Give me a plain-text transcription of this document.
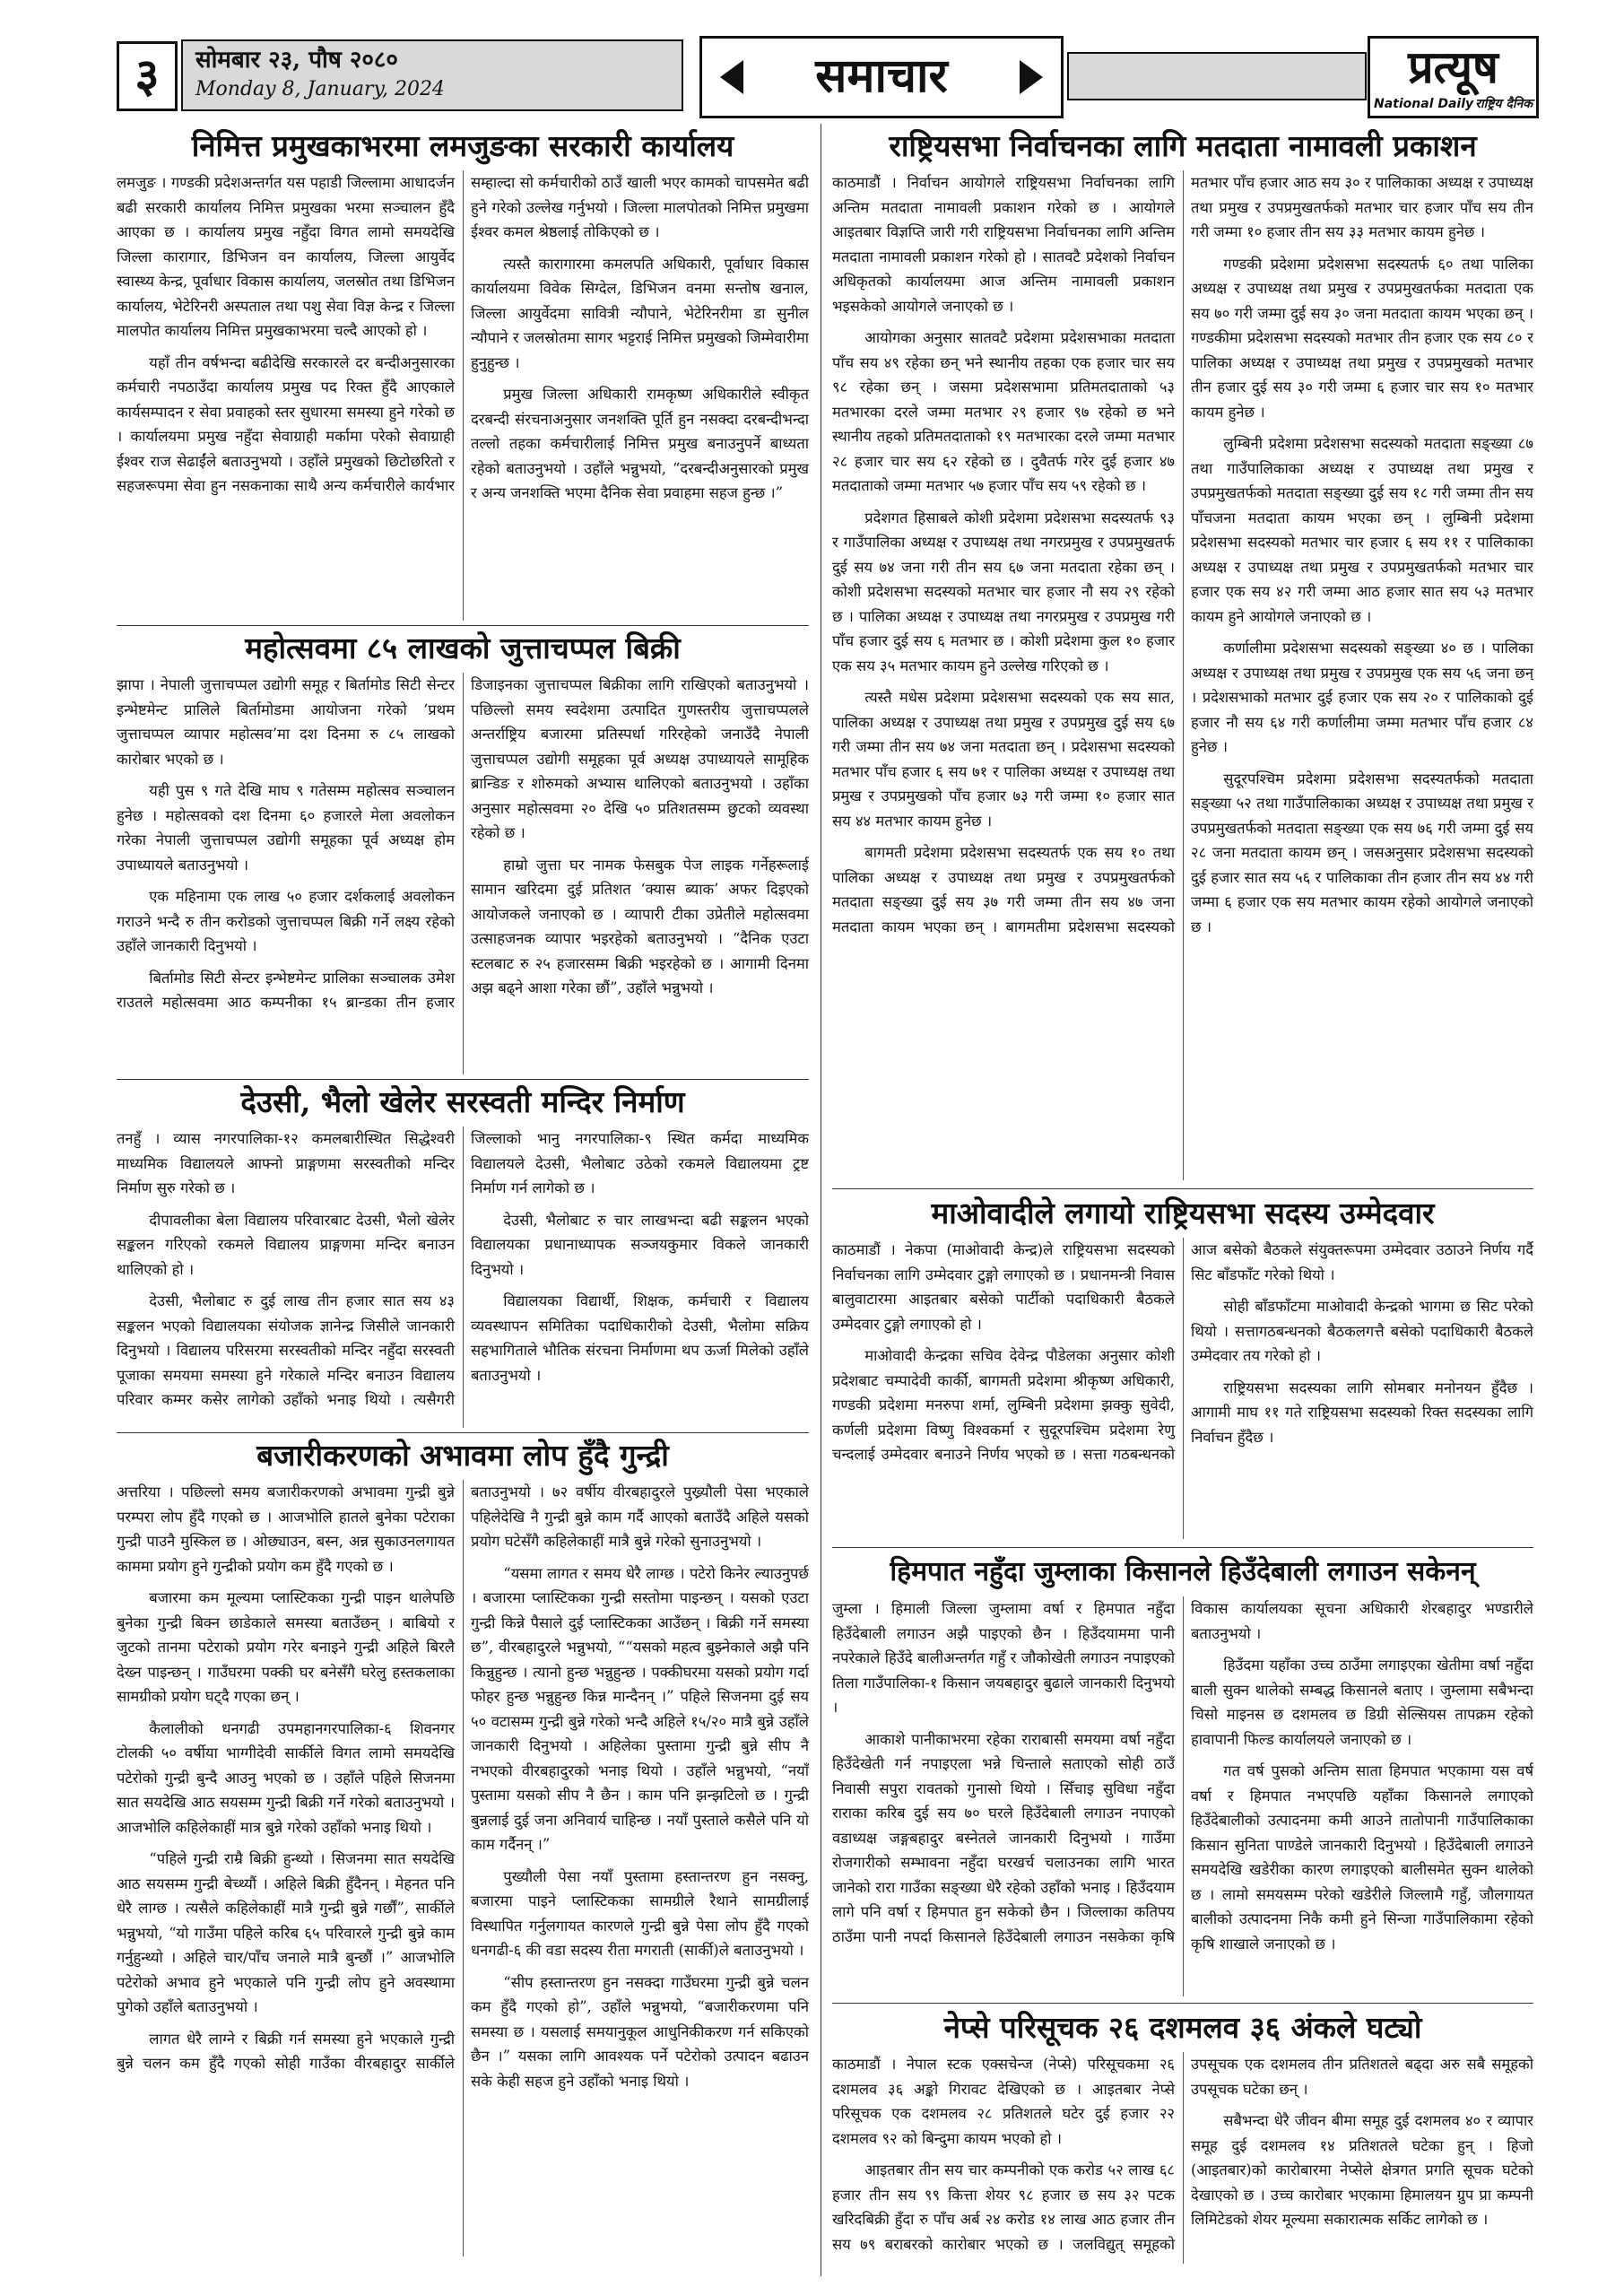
३	सोमबार २३, पौष २०८०
Monday 8, January, 2024	समाचार	प्रत्यूष
National Daily राष्ट्रिय दैनिक
निमित्त प्रमुखकाभरमा लमजुङका सरकारी कार्यालय

लमजुङ । गण्डकी प्रदेशअन्तर्गत यस पहाडी जिल्लामा आधादर्जन बढी सरकारी कार्यालय निमित्त प्रमुखका भरमा सञ्चालन हुँदै आएका छ । कार्यालय प्रमुख नहुँदा विगत लामो समयदेखि जिल्ला कारागार, डिभिजन वन कार्यालय, जिल्ला आयुर्वेद स्वास्थ्य केन्द्र, पूर्वाधार विकास कार्यालय, जलस्रोत तथा डिभिजन कार्यालय, भेटेरिनरी अस्पताल तथा पशु सेवा विज्ञ केन्द्र र जिल्ला मालपोत कार्यालय निमित्त प्रमुखकाभरमा चल्दै आएको हो ।

यहाँ तीन वर्षभन्दा बढीदेखि सरकारले दर बन्दीअनुसारका कर्मचारी नपठाउँदा कार्यालय प्रमुख पद रिक्त हुँदै आएकाले कार्यसम्पादन र सेवा प्रवाहको स्तर सुधारमा समस्या हुने गरेको छ । कार्यालयमा प्रमुख नहुँदा सेवाग्राही मर्कामा परेको सेवाग्राही ईश्वर राज सेढाईंले बताउनुभयो । उहाँले प्रमुखको छिटोछरितो र सहजरूपमा सेवा हुन नसकनाका साथै अन्य कर्मचारीले कार्यभार सम्हाल्दा सो कर्मचारीको ठाउँ खाली भएर कामको चापसमेत बढी हुने गरेको उल्लेख गर्नुभयो । जिल्ला मालपोतको निमित्त प्रमुखमा ईश्वर कमल श्रेष्ठलाई तोकिएको छ ।

त्यस्तै कारागारमा कमलपति अधिकारी, पूर्वाधार विकास कार्यालयमा विवेक सिग्देल, डिभिजन वनमा सन्तोष खनाल, जिल्ला आयुर्वेदमा सावित्री न्यौपाने, भेटेरिनरीमा डा सुनील न्यौपाने र जलस्रोतमा सागर भट्टराई निमित्त प्रमुखको जिम्मेवारीमा हुनुहुन्छ ।

प्रमुख जिल्ला अधिकारी रामकृष्ण अधिकारीले स्वीकृत दरबन्दी संरचनाअनुसार जनशक्ति पूर्ति हुन नसक्दा दरबन्दीभन्दा तल्लो तहका कर्मचारीलाई निमित्त प्रमुख बनाउनुपर्ने बाध्यता रहेको बताउनुभयो । उहाँले भन्नुभयो, “दरबन्दीअनुसारको प्रमुख र अन्य जनशक्ति भएमा दैनिक सेवा प्रवाहमा सहज हुन्छ ।”

महोत्सवमा ८५ लाखको जुत्ताचप्पल बिक्री

झापा । नेपाली जुत्ताचप्पल उद्योगी समूह र बिर्तामोड सिटी सेन्टर इन्भेष्टमेन्ट प्रालिले बिर्तामोडमा आयोजना गरेको ‘प्रथम जुत्ताचप्पल व्यापार महोत्सव’मा दश दिनमा रु ८५ लाखको कारोबार भएको छ ।

यही पुस ९ गते देखि माघ ९ गतेसम्म महोत्सव सञ्चालन हुनेछ । महोत्सवको दश दिनमा ६० हजारले मेला अवलोकन गरेका नेपाली जुत्ताचप्पल उद्योगी समूहका पूर्व अध्यक्ष होम उपाध्यायले बताउनुभयो ।

एक महिनामा एक लाख ५० हजार दर्शकलाई अवलोकन गराउने भन्दै रु तीन करोडको जुत्ताचप्पल बिक्री गर्ने लक्ष्य रहेको उहाँले जानकारी दिनुभयो ।

बिर्तामोड सिटी सेन्टर इन्भेष्टमेन्ट प्रालिका सञ्चालक उमेश राउतले महोत्सवमा आठ कम्पनीका १५ ब्रान्डका तीन हजार डिजाइनका जुत्ताचप्पल बिक्रीका लागि राखिएको बताउनुभयो । पछिल्लो समय स्वदेशमा उत्पादित गुणस्तरीय जुत्ताचप्पलले अन्तर्राष्ट्रिय बजारमा प्रतिस्पर्धा गरिरहेको जनाउँदै नेपाली जुत्ताचप्पल उद्योगी समूहका पूर्व अध्यक्ष उपाध्यायले सामूहिक ब्रान्डिङ र शोरुमको अभ्यास थालिएको बताउनुभयो । उहाँका अनुसार महोत्सवमा २० देखि ५० प्रतिशतसम्म छुटको व्यवस्था रहेको छ ।

हाम्रो जुत्ता घर नामक फेसबुक पेज लाइक गर्नेहरूलाई सामान खरिदमा दुई प्रतिशत ‘क्यास ब्याक’ अफर दिइएको आयोजकले जनाएको छ । व्यापारी टीका उप्रेतीले महोत्सवमा उत्साहजनक व्यापार भइरहेको बताउनुभयो । “दैनिक एउटा स्टलबाट रु २५ हजारसम्म बिक्री भइरहेको छ । आगामी दिनमा अझ बढ्ने आशा गरेका छौं”, उहाँले भन्नुभयो ।

देउसी, भैलो खेलेर सरस्वती मन्दिर निर्माण

तनहुँ । व्यास नगरपालिका-१२ कमलबारीस्थित सिद्धेश्वरी माध्यमिक विद्यालयले आफ्नो प्राङ्गणमा सरस्वतीको मन्दिर निर्माण सुरु गरेको छ ।

दीपावलीका बेला विद्यालय परिवारबाट देउसी, भैलो खेलेर सङ्कलन गरिएको रकमले विद्यालय प्राङ्गणमा मन्दिर बनाउन थालिएको हो ।

देउसी, भैलोबाट रु दुई लाख तीन हजार सात सय ४३ सङ्कलन भएको विद्यालयका संयोजक ज्ञानेन्द्र जिसीले जानकारी दिनुभयो । विद्यालय परिसरमा सरस्वतीको मन्दिर नहुँदा सरस्वती पूजाका समयमा समस्या हुने गरेकाले मन्दिर बनाउन विद्यालय परिवार कम्मर कसेर लागेको उहाँको भनाइ थियो । त्यसैगरी जिल्लाको भानु नगरपालिका-९ स्थित कर्मदा माध्यमिक विद्यालयले देउसी, भैलोबाट उठेको रकमले विद्यालयमा ट्रष्ट निर्माण गर्न लागेको छ ।

देउसी, भैलोबाट रु चार लाखभन्दा बढी सङ्कलन भएको विद्यालयका प्रधानाध्यापक सञ्जयकुमार विकले जानकारी दिनुभयो ।

विद्यालयका विद्यार्थी, शिक्षक, कर्मचारी र विद्यालय व्यवस्थापन समितिका पदाधिकारीको देउसी, भैलोमा सक्रिय सहभागिताले भौतिक संरचना निर्माणमा थप ऊर्जा मिलेको उहाँले बताउनुभयो ।

बजारीकरणको अभावमा लोप हुँदै गुन्द्री

अत्तरिया । पछिल्लो समय बजारीकरणको अभावमा गुन्द्री बुन्ने परम्परा लोप हुँदै गएको छ । आजभोलि हातले बुनेका पटेराका गुन्द्री पाउनै मुस्किल छ । ओछ्याउन, बस्न, अन्न सुकाउनलगायत काममा प्रयोग हुने गुन्द्रीको प्रयोग कम हुँदै गएको छ ।

बजारमा कम मूल्यमा प्लास्टिकका गुन्द्री पाइन थालेपछि बुनेका गुन्द्री बिक्न छाडेकाले समस्या बताउँछन् । बाबियो र जुटको तानमा पटेराको प्रयोग गरेर बनाइने गुन्द्री अहिले बिरलै देख्न पाइन्छन् । गाउँघरमा पक्की घर बनेसँगै घरेलु हस्तकलाका सामग्रीको प्रयोग घट्दै गएका छन् ।

कैलालीको धनगढी उपमहानगरपालिका-६ शिवनगर टोलकी ५० वर्षीया भाग्गीदेवी सार्कीले विगत लामो समयदेखि पटेरोको गुन्द्री बुन्दै आउनु भएको छ । उहाँले पहिले सिजनमा सात सयदेखि आठ सयसम्म गुन्द्री बिक्री गर्ने गरेको बताउनुभयो । आजभोलि कहिलेकाहीं मात्र बुन्ने गरेको उहाँको भनाइ थियो ।

“पहिले गुन्द्री राम्रै बिक्री हुन्थ्यो । सिजनमा सात सयदेखि आठ सयसम्म गुन्द्री बेच्थ्यौं । अहिले बिक्री हुँदैनन् । मेहनत पनि धेरै लाग्छ । त्यसैले कहिलेकाहीं मात्रै गुन्द्री बुन्ने गर्छौं”, सार्कीले भन्नुभयो, “यो गाउँमा पहिले करिब ६५ परिवारले गुन्द्री बुन्ने काम गर्नुहुन्थ्यो । अहिले चार/पाँच जनाले मात्रै बुन्छौं ।” आजभोलि पटेरोको अभाव हुने भएकाले पनि गुन्द्री लोप हुने अवस्थामा पुगेको उहाँले बताउनुभयो ।

लागत धेरै लाग्ने र बिक्री गर्न समस्या हुने भएकाले गुन्द्री बुन्ने चलन कम हुँदै गएको सोही गाउँका वीरबहादुर सार्कीले बताउनुभयो । ७२ वर्षीय वीरबहादुरले पुख्र्यौली पेसा भएकाले पहिलेदेखि नै गुन्द्री बुन्ने काम गर्दै आएको बताउँदै अहिले यसको प्रयोग घटेसँगै कहिलेकाहीं मात्रै बुन्ने गरेको सुनाउनुभयो ।

“यसमा लागत र समय धेरै लाग्छ । पटेरो किनेर ल्याउनुपर्छ । बजारमा प्लास्टिकका गुन्द्री सस्तोमा पाइन्छन् । यसको एउटा गुन्द्री किन्ने पैसाले दुई प्लास्टिकका आउँछन् । बिक्री गर्ने समस्या छ”, वीरबहादुरले भन्नुभयो, ““यसको महत्व बुझ्नेकाले अझै पनि किन्नुहुन्छ । त्यानो हुन्छ भन्नुहुन्छ । पक्कीघरमा यसको प्रयोग गर्दा फोहर हुन्छ भन्नुहुन्छ किन्न मान्दैनन् ।” पहिले सिजनमा दुई सय ५० वटासम्म गुन्द्री बुन्ने गरेको भन्दै अहिले १५/२० मात्रै बुन्ने उहाँले जानकारी दिनुभयो । अहिलेका पुस्तामा गुन्द्री बुन्ने सीप नै नभएको वीरबहादुरको भनाइ थियो । उहाँले भन्नुभयो, “नयाँ पुस्तामा यसको सीप नै छैन । काम पनि झन्झटिलो छ । गुन्द्री बुन्नलाई दुई जना अनिवार्य चाहिन्छ । नयाँ पुस्ताले कसैले पनि यो काम गर्दैनन् ।”

पुख्यौली पेसा नयाँ पुस्तामा हस्तान्तरण हुन नसक्नु, बजारमा पाइने प्लास्टिकका सामग्रीले रैथाने सामग्रीलाई विस्थापित गर्नुलगायत कारणले गुन्द्री बुन्ने पेसा लोप हुँदै गएको धनगढी-६ की वडा सदस्य रीता मगराती (सार्की)ले बताउनुभयो ।

“सीप हस्तान्तरण हुन नसक्दा गाउँघरमा गुन्द्री बुन्ने चलन कम हुँदै गएको हो”, उहाँले भन्नुभयो, “बजारीकरणमा पनि समस्या छ । यसलाई समयानुकूल आधुनिकीकरण गर्न सकिएको छैन ।” यसका लागि आवश्यक पर्ने पटेरोको उत्पादन बढाउन सके केही सहज हुने उहाँको भनाइ थियो ।

राष्ट्रियसभा निर्वाचनका लागि मतदाता नामावली प्रकाशन

काठमाडौं । निर्वाचन आयोगले राष्ट्रियसभा निर्वाचनका लागि अन्तिम मतदाता नामावली प्रकाशन गरेको छ । आयोगले आइतबार विज्ञप्ति जारी गरी राष्ट्रियसभा निर्वाचनका लागि अन्तिम मतदाता नामावली प्रकाशन गरेको हो । सातवटै प्रदेशको निर्वाचन अधिकृतको कार्यालयमा आज अन्तिम नामावली प्रकाशन भइसकेको आयोगले जनाएको छ ।

आयोगका अनुसार सातवटै प्रदेशमा प्रदेशसभाका मतदाता पाँच सय ४९ रहेका छन् भने स्थानीय तहका एक हजार चार सय ९८ रहेका छन् । जसमा प्रदेशसभामा प्रतिमतदाताको ५३ मतभारका दरले जम्मा मतभार २९ हजार ९७ रहेको छ भने स्थानीय तहको प्रतिमतदाताको १९ मतभारका दरले जम्मा मतभार २८ हजार चार सय ६२ रहेको छ । दुवैतर्फ गरेर दुई हजार ४७ मतदाताको जम्मा मतभार ५७ हजार पाँच सय ५९ रहेको छ ।

प्रदेशगत हिसाबले कोशी प्रदेशमा प्रदेशसभा सदस्यतर्फ ९३ र गाउँपालिका अध्यक्ष र उपाध्यक्ष तथा नगरप्रमुख र उपप्रमुखतर्फ दुई सय ७४ जना गरी तीन सय ६७ जना मतदाता रहेका छन् । कोशी प्रदेशसभा सदस्यको मतभार चार हजार नौ सय २९ रहेको छ । पालिका अध्यक्ष र उपाध्यक्ष तथा नगरप्रमुख र उपप्रमुख गरी पाँच हजार दुई सय ६ मतभार छ । कोशी प्रदेशमा कुल १० हजार एक सय ३५ मतभार कायम हुने उल्लेख गरिएको छ ।

त्यस्तै मधेस प्रदेशमा प्रदेशसभा सदस्यको एक सय सात, पालिका अध्यक्ष र उपाध्यक्ष तथा प्रमुख र उपप्रमुख दुई सय ६७ गरी जम्मा तीन सय ७४ जना मतदाता छन् । प्रदेशसभा सदस्यको मतभार पाँच हजार ६ सय ७१ र पालिका अध्यक्ष र उपाध्यक्ष तथा प्रमुख र उपप्रमुखको पाँच हजार ७३ गरी जम्मा १० हजार सात सय ४४ मतभार कायम हुनेछ ।

बागमती प्रदेशमा प्रदेशसभा सदस्यतर्फ एक सय १० तथा पालिका अध्यक्ष र उपाध्यक्ष तथा प्रमुख र उपप्रमुखतर्फको मतदाता सङ्ख्या दुई सय ३७ गरी जम्मा तीन सय ४७ जना मतदाता कायम भएका छन् । बागमतीमा प्रदेशसभा सदस्यको मतभार पाँच हजार आठ सय ३० र पालिकाका अध्यक्ष र उपाध्यक्ष तथा प्रमुख र उपप्रमुखतर्फको मतभार चार हजार पाँच सय तीन गरी जम्मा १० हजार तीन सय ३३ मतभार कायम हुनेछ ।

गण्डकी प्रदेशमा प्रदेशसभा सदस्यतर्फ ६० तथा पालिका अध्यक्ष र उपाध्यक्ष तथा प्रमुख र उपप्रमुखतर्फका मतदाता एक सय ७० गरी जम्मा दुई सय ३० जना मतदाता कायम भएका छन् । गण्डकीमा प्रदेशसभा सदस्यको मतभार तीन हजार एक सय ८० र पालिका अध्यक्ष र उपाध्यक्ष तथा प्रमुख र उपप्रमुखको मतभार तीन हजार दुई सय ३० गरी जम्मा ६ हजार चार सय १० मतभार कायम हुनेछ ।

लुम्बिनी प्रदेशमा प्रदेशसभा सदस्यको मतदाता सङ्ख्या ८७ तथा गाउँपालिकाका अध्यक्ष र उपाध्यक्ष तथा प्रमुख र उपप्रमुखतर्फको मतदाता सङ्ख्या दुई सय १८ गरी जम्मा तीन सय पाँचजना मतदाता कायम भएका छन् । लुम्बिनी प्रदेशमा प्रदेशसभा सदस्यको मतभार चार हजार ६ सय ११ र पालिकाका अध्यक्ष र उपाध्यक्ष तथा प्रमुख र उपप्रमुखतर्फको मतभार चार हजार एक सय ४२ गरी जम्मा आठ हजार सात सय ५३ मतभार कायम हुने आयोगले जनाएको छ ।

कर्णालीमा प्रदेशसभा सदस्यको सङ्ख्या ४० छ । पालिका अध्यक्ष र उपाध्यक्ष तथा प्रमुख र उपप्रमुख एक सय ५६ जना छन् । प्रदेशसभाको मतभार दुई हजार एक सय २० र पालिकाको दुई हजार नौ सय ६४ गरी कर्णालीमा जम्मा मतभार पाँच हजार ८४ हुनेछ ।

सुदूरपश्चिम प्रदेशमा प्रदेशसभा सदस्यतर्फको मतदाता सङ्ख्या ५२ तथा गाउँपालिकाका अध्यक्ष र उपाध्यक्ष तथा प्रमुख र उपप्रमुखतर्फको मतदाता सङ्ख्या एक सय ७६ गरी जम्मा दुई सय २८ जना मतदाता कायम छन् । जसअनुसार प्रदेशसभा सदस्यको दुई हजार सात सय ५६ र पालिकाका तीन हजार तीन सय ४४ गरी जम्मा ६ हजार एक सय मतभार कायम रहेको आयोगले जनाएको छ ।

माओवादीले लगायो राष्ट्रियसभा सदस्य उम्मेदवार

काठमाडौं । नेकपा (माओवादी केन्द्र)ले राष्ट्रियसभा सदस्यको निर्वाचनका लागि उम्मेदवार टुङ्गो लगाएको छ । प्रधानमन्त्री निवास बालुवाटारमा आइतबार बसेको पार्टीको पदाधिकारी बैठकले उम्मेदवार टुङ्गो लगाएको हो ।

माओवादी केन्द्रका सचिव देवेन्द्र पौडेलका अनुसार कोशी प्रदेशबाट चम्पादेवी कार्की, बागमती प्रदेशमा श्रीकृष्ण अधिकारी, गण्डकी प्रदेशमा मनरुपा शर्मा, लुम्बिनी प्रदेशमा झक्कु सुवेदी, कर्णली प्रदेशमा विष्णु विश्वकर्मा र सुदूरपश्चिम प्रदेशमा रेणु चन्दलाई उम्मेदवार बनाउने निर्णय भएको छ । सत्ता गठबन्धनको आज बसेको बैठकले संयुक्तरूपमा उम्मेदवार उठाउने निर्णय गर्दै सिट बाँडफाँट गरेको थियो ।

सोही बाँडफाँटमा माओवादी केन्द्रको भागमा छ सिट परेको थियो । सत्तागठबन्धनको बैठकलगत्तै बसेको पदाधिकारी बैठकले उम्मेदवार तय गरेको हो ।

राष्ट्रियसभा सदस्यका लागि सोमबार मनोनयन हुँदैछ । आगामी माघ ११ गते राष्ट्रियसभा सदस्यको रिक्त सदस्यका लागि निर्वाचन हुँदैछ ।

हिमपात नहुँदा जुम्लाका किसानले हिउँदेबाली लगाउन सकेनन्

जुम्ला । हिमाली जिल्ला जुम्लामा वर्षा र हिमपात नहुँदा हिउँदेबाली लगाउन अझै पाइएको छैन । हिउँदयाममा पानी नपरेकाले हिउँदे बालीअन्तर्गत गहुँ र जौकोखेती लगाउन नपाइएको तिला गाउँपालिका-१ किसान जयबहादुर बुढाले जानकारी दिनुभयो ।

आकाशे पानीकाभरमा रहेका राराबासी समयमा वर्षा नहुँदा हिउँदेखेती गर्न नपाइएला भन्ने चिन्ताले सताएको सोही ठाउँ निवासी सपुरा रावतको गुनासो थियो । सिँचाइ सुविधा नहुँदा राराका करिब दुई सय ७० घरले हिउँदेबाली लगाउन नपाएको वडाध्यक्ष जङ्गबहादुर बस्नेतले जानकारी दिनुभयो । गाउँमा रोजगारीको सम्भावना नहुँदा घरखर्च चलाउनका लागि भारत जानेको रारा गाउँका सङ्ख्या धेरै रहेको उहाँको भनाइ । हिउँदयाम लागे पनि वर्षा र हिमपात हुन सकेको छैन । जिल्लाका कतिपय ठाउँमा पानी नपर्दा किसानले हिउँदेबाली लगाउन नसकेका कृषि विकास कार्यालयका सूचना अधिकारी शेरबहादुर भण्डारीले बताउनुभयो ।

हिउँदमा यहाँका उच्च ठाउँमा लगाइएका खेतीमा वर्षा नहुँदा बाली सुक्न थालेको सम्बद्ध किसानले बताए । जुम्लामा सबैभन्दा चिसो माइनस छ दशमलव छ डिग्री सेल्सियस तापक्रम रहेको हावापानी फिल्ड कार्यालयले जनाएको छ ।

गत वर्ष पुसको अन्तिम साता हिमपात भएकामा यस वर्ष वर्षा र हिमपात नभएपछि यहाँका किसानले लगाएको हिउँदेबालीको उत्पादनमा कमी आउने तातोपानी गाउँपालिकाका किसान सुनिता पाण्डेले जानकारी दिनुभयो । हिउँदेबाली लगाउने समयदेखि खडेरीका कारण लगाइएको बालीसमेत सुक्न थालेको छ । लामो समयसम्म परेको खडेरीले जिल्लामै गहुँ, जौलगायत बालीको उत्पादनमा निकै कमी हुने सिन्जा गाउँपालिकामा रहेको कृषि शाखाले जनाएको छ ।

नेप्से परिसूचक २६ दशमलव ३६ अंकले घट्यो

काठमाडौं । नेपाल स्टक एक्सचेन्ज (नेप्से) परिसूचकमा २६ दशमलव ३६ अङ्को गिरावट देखिएको छ । आइतबार नेप्से परिसूचक एक दशमलव २८ प्रतिशतले घटेर दुई हजार २२ दशमलव ९२ को बिन्दुमा कायम भएको हो ।

आइतबार तीन सय चार कम्पनीको एक करोड ५२ लाख ६८ हजार तीन सय ९९ कित्ता शेयर ९८ हजार छ सय ३२ पटक खरिदबिक्री हुँदा रु पाँच अर्ब २४ करोड १४ लाख आठ हजार तीन सय ७९ बराबरको कारोबार भएको छ । जलविद्युत् समूहको उपसूचक एक दशमलव तीन प्रतिशतले बढ्दा अरु सबै समूहको उपसूचक घटेका छन् ।

सबैभन्दा धेरै जीवन बीमा समूह दुई दशमलव ४० र व्यापार समूह दुई दशमलव १४ प्रतिशतले घटेका हुन् । हिजो (आइतबार)को कारोबारमा नेप्सेले क्षेत्रगत प्रगति सूचक घटेको देखाएको छ । उच्च कारोबार भएकामा हिमालयन ग्रुप प्रा कम्पनी लिमिटेडको शेयर मूल्यमा सकारात्मक सर्किट लागेको छ ।
